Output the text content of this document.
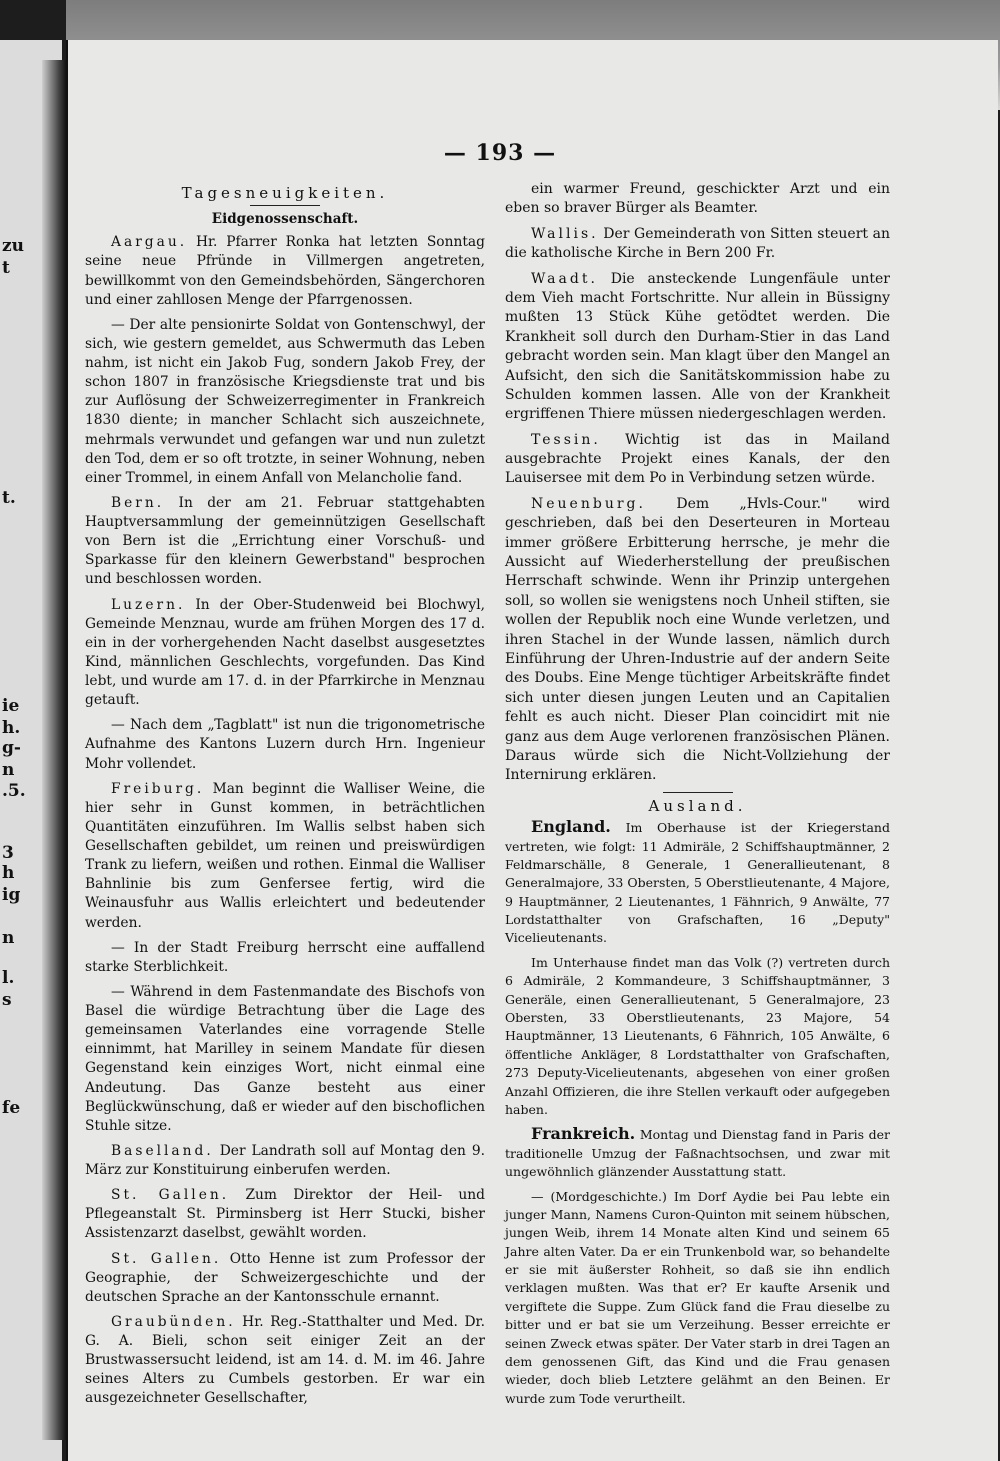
zu
t
t.
ie
h.
g-
n
.5.
3
h
ig
n
l.
s
fe
— 193 —
Tagesneuigkeiten.
Eidgenossenschaft.

Aargau. Hr. Pfarrer Ronka hat letzten Sonntag seine neue Pfründe in Villmergen angetreten, bewillkommt von den Gemeindsbehörden, Sängerchoren und einer zahllosen Menge der Pfarrgenossen.

— Der alte pensionirte Soldat von Gontenschwyl, der sich, wie gestern gemeldet, aus Schwermuth das Leben nahm, ist nicht ein Jakob Fug, sondern Jakob Frey, der schon 1807 in französische Kriegsdienste trat und bis zur Auflösung der Schweizerregimenter in Frankreich 1830 diente; in mancher Schlacht sich auszeichnete, mehrmals verwundet und gefangen war und nun zuletzt den Tod, dem er so oft trotzte, in seiner Wohnung, neben einer Trommel, in einem Anfall von Melancholie fand.

Bern. In der am 21. Februar stattgehabten Hauptversammlung der gemeinnützigen Gesellschaft von Bern ist die „Errichtung einer Vorschuß- und Sparkasse für den kleinern Gewerbstand" besprochen und beschlossen worden.

Luzern. In der Ober-Studenweid bei Blochwyl, Gemeinde Menznau, wurde am frühen Morgen des 17 d. ein in der vorhergehenden Nacht daselbst ausgesetztes Kind, männlichen Geschlechts, vorgefunden. Das Kind lebt, und wurde am 17. d. in der Pfarrkirche in Menznau getauft.

— Nach dem „Tagblatt" ist nun die trigonometrische Aufnahme des Kantons Luzern durch Hrn. Ingenieur Mohr vollendet.

Freiburg. Man beginnt die Walliser Weine, die hier sehr in Gunst kommen, in beträchtlichen Quantitäten einzuführen. Im Wallis selbst haben sich Gesellschaften gebildet, um reinen und preiswürdigen Trank zu liefern, weißen und rothen. Einmal die Walliser Bahnlinie bis zum Genfersee fertig, wird die Weinausfuhr aus Wallis erleichtert und bedeutender werden.

— In der Stadt Freiburg herrscht eine auffallend starke Sterblichkeit.

— Während in dem Fastenmandate des Bischofs von Basel die würdige Betrachtung über die Lage des gemeinsamen Vaterlandes eine vorragende Stelle einnimmt, hat Marilley in seinem Mandate für diesen Gegenstand kein einziges Wort, nicht einmal eine Andeutung. Das Ganze besteht aus einer Beglückwünschung, daß er wieder auf den bischoflichen Stuhle sitze.

Baselland. Der Landrath soll auf Montag den 9. März zur Konstituirung einberufen werden.

St. Gallen. Zum Direktor der Heil- und Pflegeanstalt St. Pirminsberg ist Herr Stucki, bisher Assistenzarzt daselbst, gewählt worden.

St. Gallen. Otto Henne ist zum Professor der Geographie, der Schweizergeschichte und der deutschen Sprache an der Kantonsschule ernannt.

Graubünden. Hr. Reg.-Statthalter und Med. Dr. G. A. Bieli, schon seit einiger Zeit an der Brustwassersucht leidend, ist am 14. d. M. im 46. Jahre seines Alters zu Cumbels gestorben. Er war ein ausgezeichneter Gesellschafter,

ein warmer Freund, geschickter Arzt und ein eben so braver Bürger als Beamter.

Wallis. Der Gemeinderath von Sitten steuert an die katholische Kirche in Bern 200 Fr.

Waadt. Die ansteckende Lungenfäule unter dem Vieh macht Fortschritte. Nur allein in Büssigny mußten 13 Stück Kühe getödtet werden. Die Krankheit soll durch den Durham-Stier in das Land gebracht worden sein. Man klagt über den Mangel an Aufsicht, den sich die Sanitätskommission habe zu Schulden kommen lassen. Alle von der Krankheit ergriffenen Thiere müssen niedergeschlagen werden.

Tessin. Wichtig ist das in Mailand ausgebrachte Projekt eines Kanals, der den Lauisersee mit dem Po in Verbindung setzen würde.

Neuenburg. Dem „Hvls-Cour." wird geschrieben, daß bei den Deserteuren in Morteau immer größere Erbitterung herrsche, je mehr die Aussicht auf Wiederherstellung der preußischen Herrschaft schwinde. Wenn ihr Prinzip untergehen soll, so wollen sie wenigstens noch Unheil stiften, sie wollen der Republik noch eine Wunde verletzen, und ihren Stachel in der Wunde lassen, nämlich durch Einführung der Uhren-Industrie auf der andern Seite des Doubs. Eine Menge tüchtiger Arbeitskräfte findet sich unter diesen jungen Leuten und an Capitalien fehlt es auch nicht. Dieser Plan coincidirt mit nie ganz aus dem Auge verlorenen französischen Plänen. Daraus würde sich die Nicht-Vollziehung der Internirung erklären.

Ausland.

England. Im Oberhause ist der Kriegerstand vertreten, wie folgt: 11 Admiräle, 2 Schiffshauptmänner, 2 Feldmarschälle, 8 Generale, 1 Generallieutenant, 8 Generalmajore, 33 Obersten, 5 Oberstlieutenante, 4 Majore, 9 Hauptmänner, 2 Lieutenantes, 1 Fähnrich, 9 Anwälte, 77 Lordstatthalter von Grafschaften, 16 „Deputy" Vicelieutenants.

Im Unterhause findet man das Volk (?) vertreten durch 6 Admiräle, 2 Kommandeure, 3 Schiffshauptmänner, 3 Generäle, einen Generallieutenant, 5 Generalmajore, 23 Obersten, 33 Oberstlieutenants, 23 Majore, 54 Hauptmänner, 13 Lieutenants, 6 Fähnrich, 105 Anwälte, 6 öffentliche Ankläger, 8 Lordstatthalter von Grafschaften, 273 Deputy-Vicelieutenants, abgesehen von einer großen Anzahl Offizieren, die ihre Stellen verkauft oder aufgegeben haben.

Frankreich. Montag und Dienstag fand in Paris der traditionelle Umzug der Faßnachtsochsen, und zwar mit ungewöhnlich glänzender Ausstattung statt.

— (Mordgeschichte.) Im Dorf Aydie bei Pau lebte ein junger Mann, Namens Curon-Quinton mit seinem hübschen, jungen Weib, ihrem 14 Monate alten Kind und seinem 65 Jahre alten Vater. Da er ein Trunkenbold war, so behandelte er sie mit äußerster Rohheit, so daß sie ihn endlich verklagen mußten. Was that er? Er kaufte Arsenik und vergiftete die Suppe. Zum Glück fand die Frau dieselbe zu bitter und er bat sie um Verzeihung. Besser erreichte er seinen Zweck etwas später. Der Vater starb in drei Tagen an dem genossenen Gift, das Kind und die Frau genasen wieder, doch blieb Letztere gelähmt an den Beinen. Er wurde zum Tode verurtheilt.
